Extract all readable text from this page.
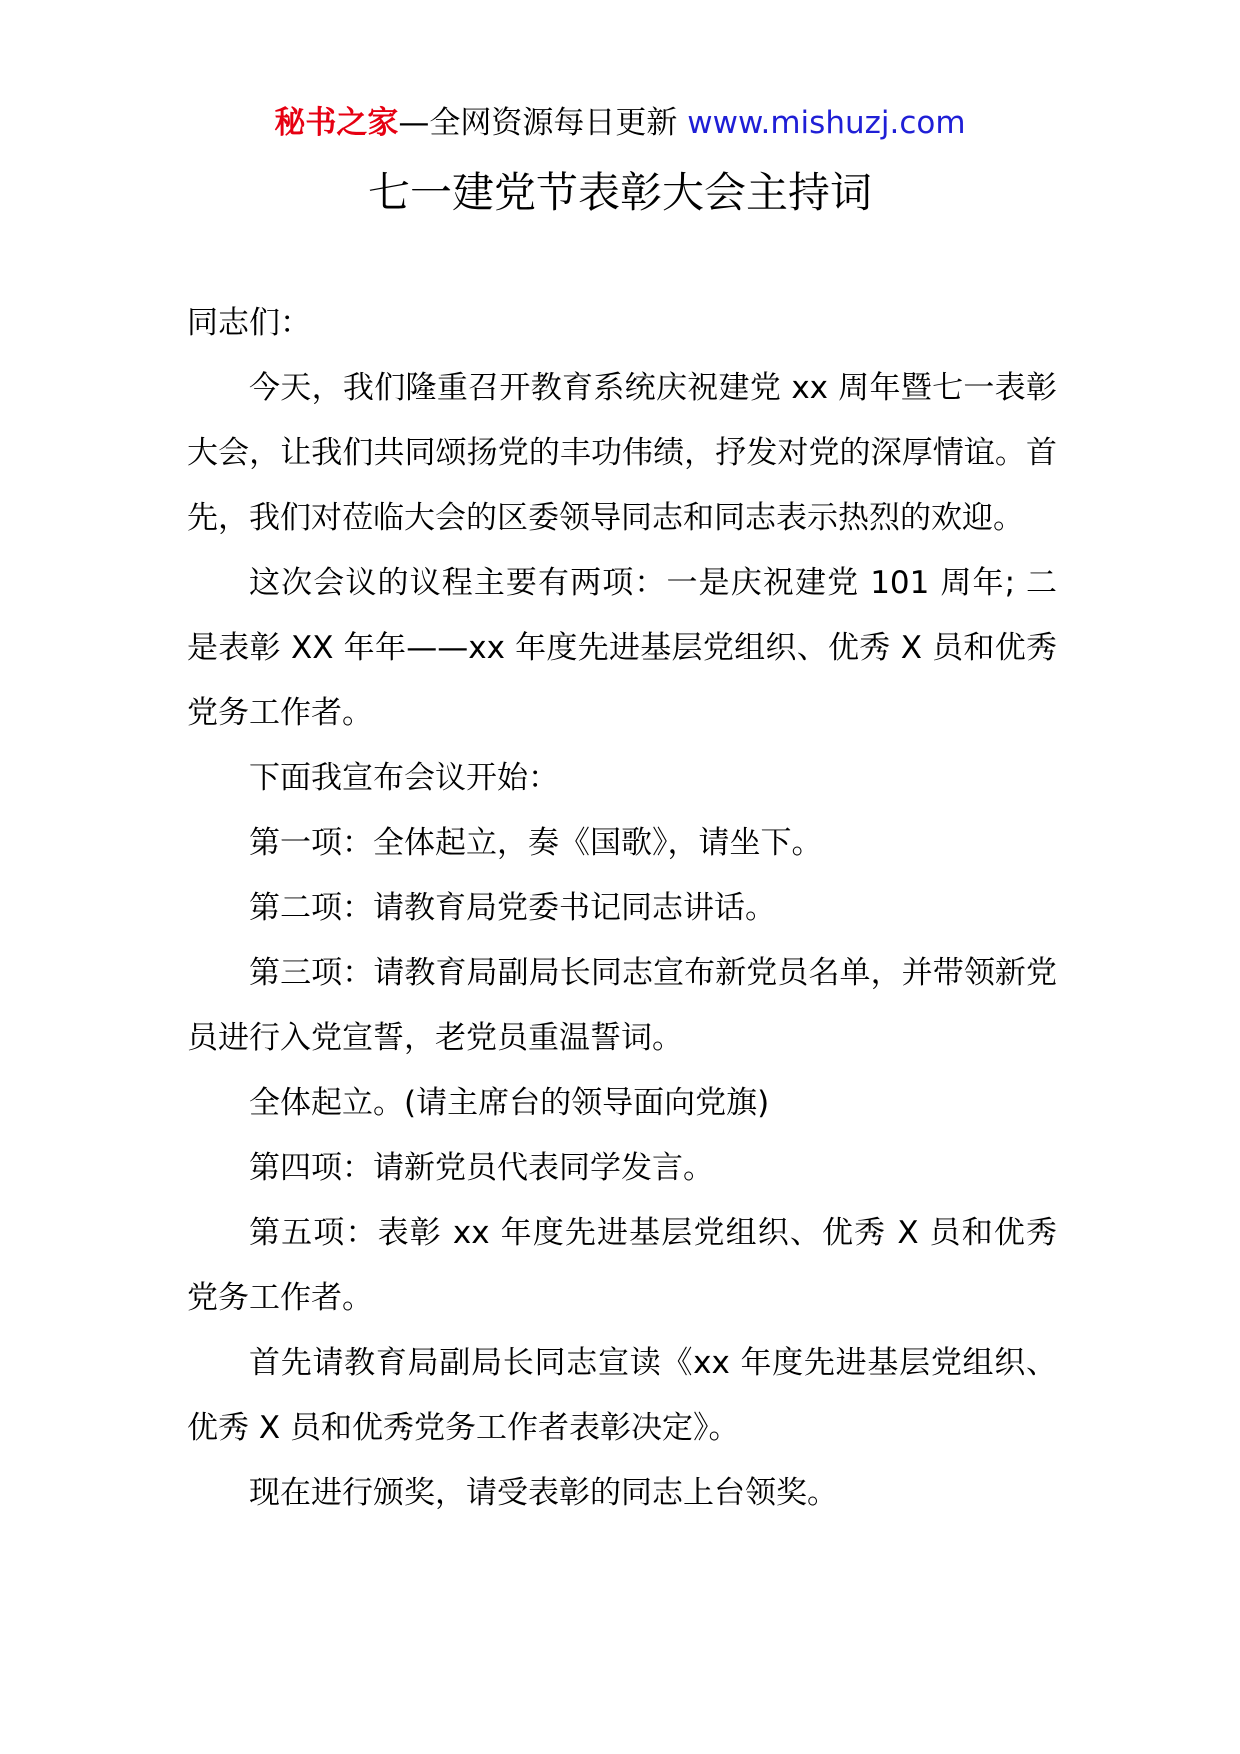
秘书之家—全网资源每日更新 www.mishuzj.com
七一建党节表彰大会主持词

同志们：

今天，我们隆重召开教育系统庆祝建党 xx 周年暨七一表彰大会，让我们共同颂扬党的丰功伟绩，抒发对党的深厚情谊。首先，我们对莅临大会的区委领导同志和同志表示热烈的欢迎。

这次会议的议程主要有两项：一是庆祝建党 101 周年; 二是表彰 XX 年年——xx 年度先进基层党组织、优秀 X 员和优秀党务工作者。

下面我宣布会议开始：

第一项：全体起立，奏《国歌》，请坐下。

第二项：请教育局党委书记同志讲话。

第三项：请教育局副局长同志宣布新党员名单，并带领新党员进行入党宣誓，老党员重温誓词。

全体起立。(请主席台的领导面向党旗)

第四项：请新党员代表同学发言。

第五项：表彰 xx 年度先进基层党组织、优秀 X 员和优秀党务工作者。

首先请教育局副局长同志宣读《xx 年度先进基层党组织、优秀 X 员和优秀党务工作者表彰决定》。

现在进行颁奖，请受表彰的同志上台领奖。
